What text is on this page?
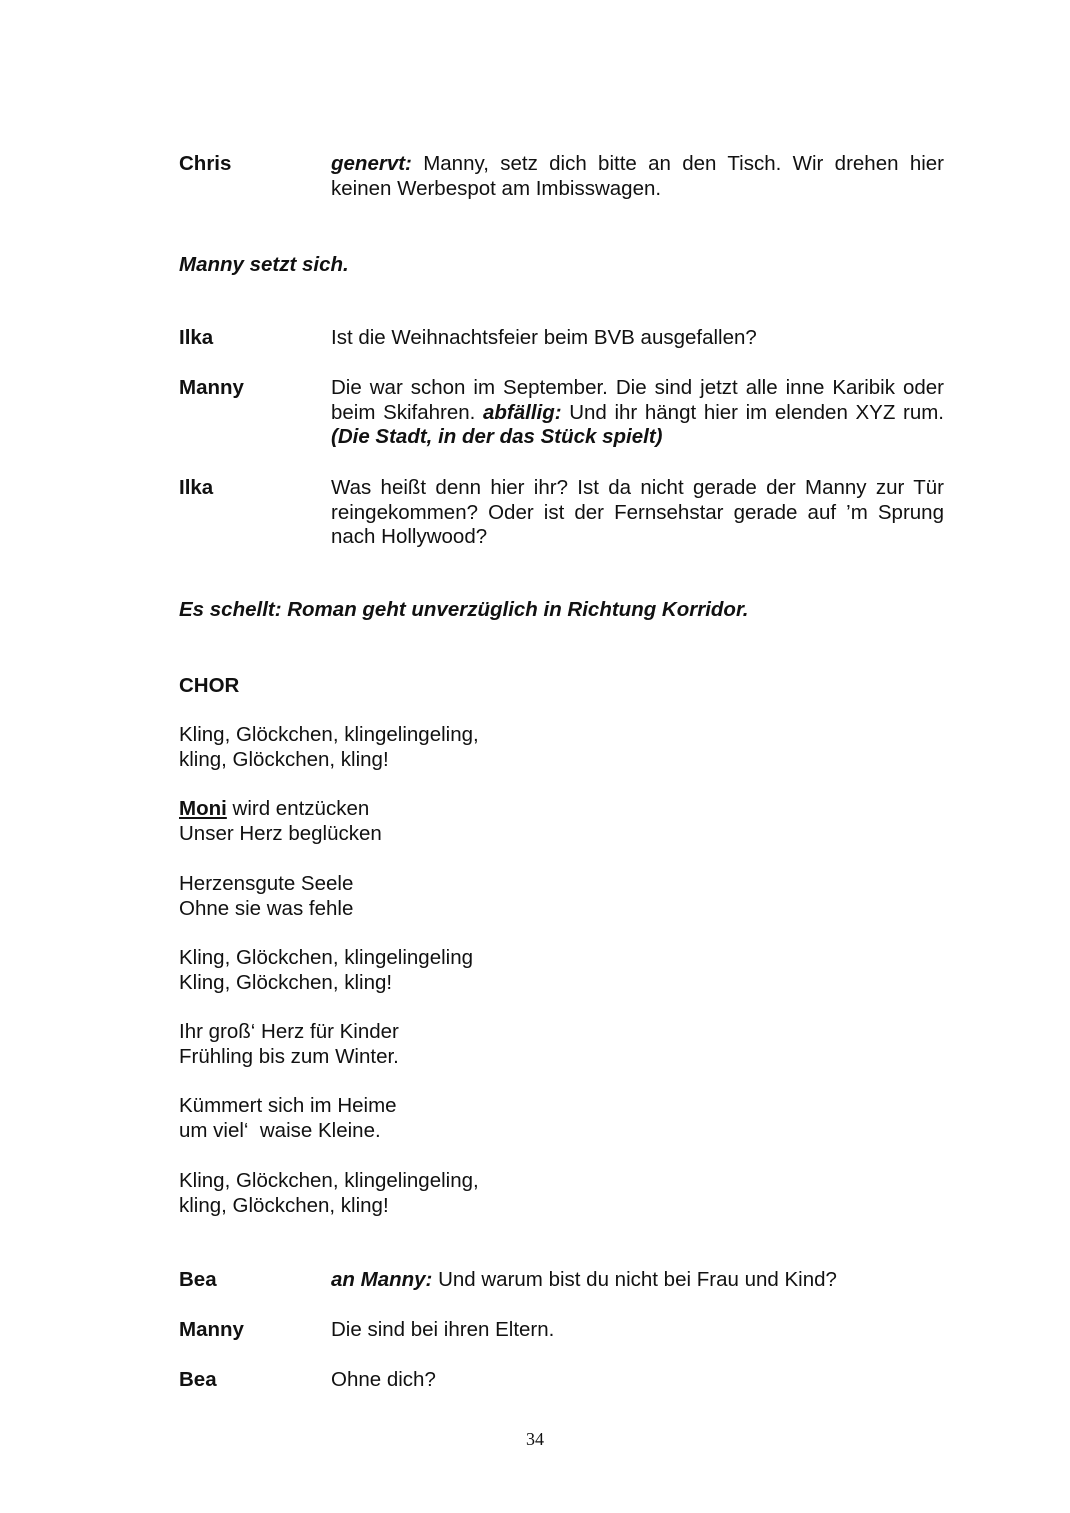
Chris	genervt: Manny, setz dich bitte an den Tisch. Wir drehen hier keinen Werbespot am Imbisswagen.
Manny setzt sich.
Ilka	Ist die Weihnachtsfeier beim BVB ausgefallen?
Manny	Die war schon im September. Die sind jetzt alle inne Karibik oder beim Skifahren. abfällig: Und ihr hängt hier im elenden XYZ rum. (Die Stadt, in der das Stück spielt)
Ilka	Was heißt denn hier ihr? Ist da nicht gerade der Manny zur Tür reingekommen? Oder ist der Fernsehstar gerade auf ’m Sprung nach Hollywood?
Es schellt: Roman geht unverzüglich in Richtung Korridor.
CHOR
Kling, Glöckchen, klingelingeling,
kling, Glöckchen, kling!
Moni wird entzücken
Unser Herz beglücken
Herzensgute Seele
Ohne sie was fehle
Kling, Glöckchen, klingelingeling
Kling, Glöckchen, kling!
Ihr groß‘ Herz für Kinder
Frühling bis zum Winter.
Kümmert sich im Heime
um viel‘  waise Kleine.
Kling, Glöckchen, klingelingeling,
kling, Glöckchen, kling!
Bea	an Manny: Und warum bist du nicht bei Frau und Kind?
Manny	Die sind bei ihren Eltern.
Bea	Ohne dich?
34
